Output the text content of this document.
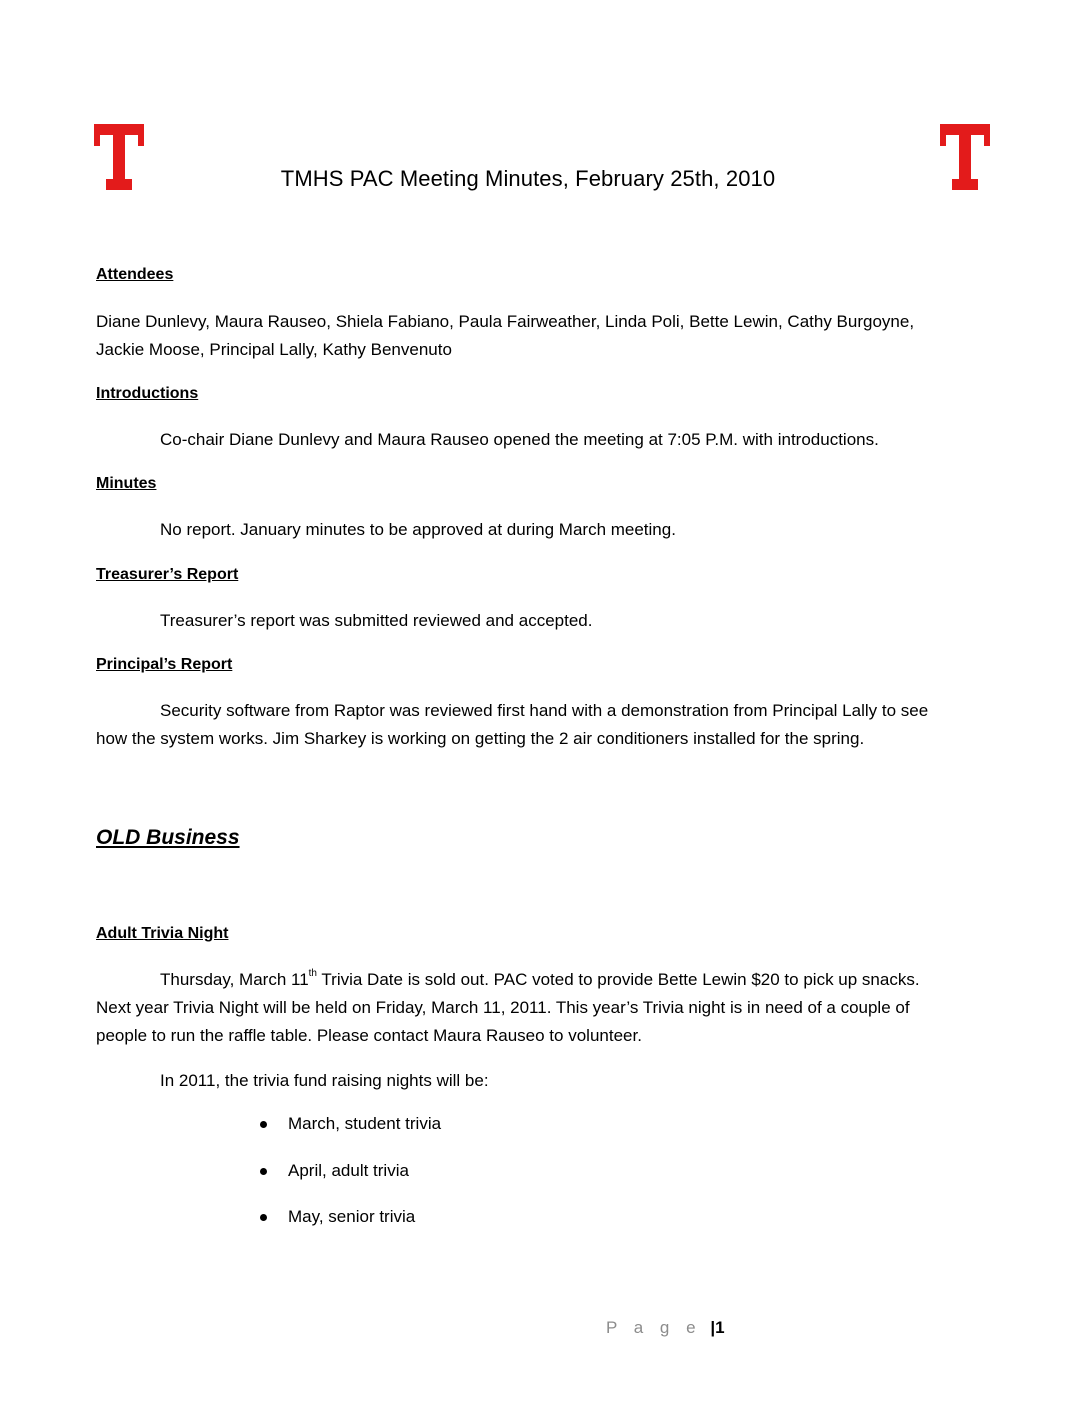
TMHS PAC Meeting Minutes, February 25th, 2010
Attendees
Diane Dunlevy, Maura Rauseo, Shiela Fabiano, Paula Fairweather, Linda Poli, Bette Lewin, Cathy Burgoyne,
Jackie Moose, Principal Lally, Kathy Benvenuto
Introductions
Co-chair Diane Dunlevy and Maura Rauseo opened the meeting at 7:05 P.M. with introductions.
Minutes
No report. January minutes to be approved at during March meeting.
Treasurer’s Report
Treasurer’s report was submitted reviewed and accepted.
Principal’s Report
Security software from Raptor was reviewed first hand with a demonstration from Principal Lally to see
how the system works. Jim Sharkey is working on getting the 2 air conditioners installed for the spring.
OLD Business
Adult Trivia Night
Thursday, March 11th Trivia Date is sold out. PAC voted to provide Bette Lewin $20 to pick up snacks.
Next year Trivia Night will be held on Friday, March 11, 2011. This year’s Trivia night is in need of a couple of
people to run the raffle table. Please contact Maura Rauseo to volunteer.
In 2011, the trivia fund raising nights will be:
March, student trivia
April, adult trivia
May, senior trivia
P a g e |1
